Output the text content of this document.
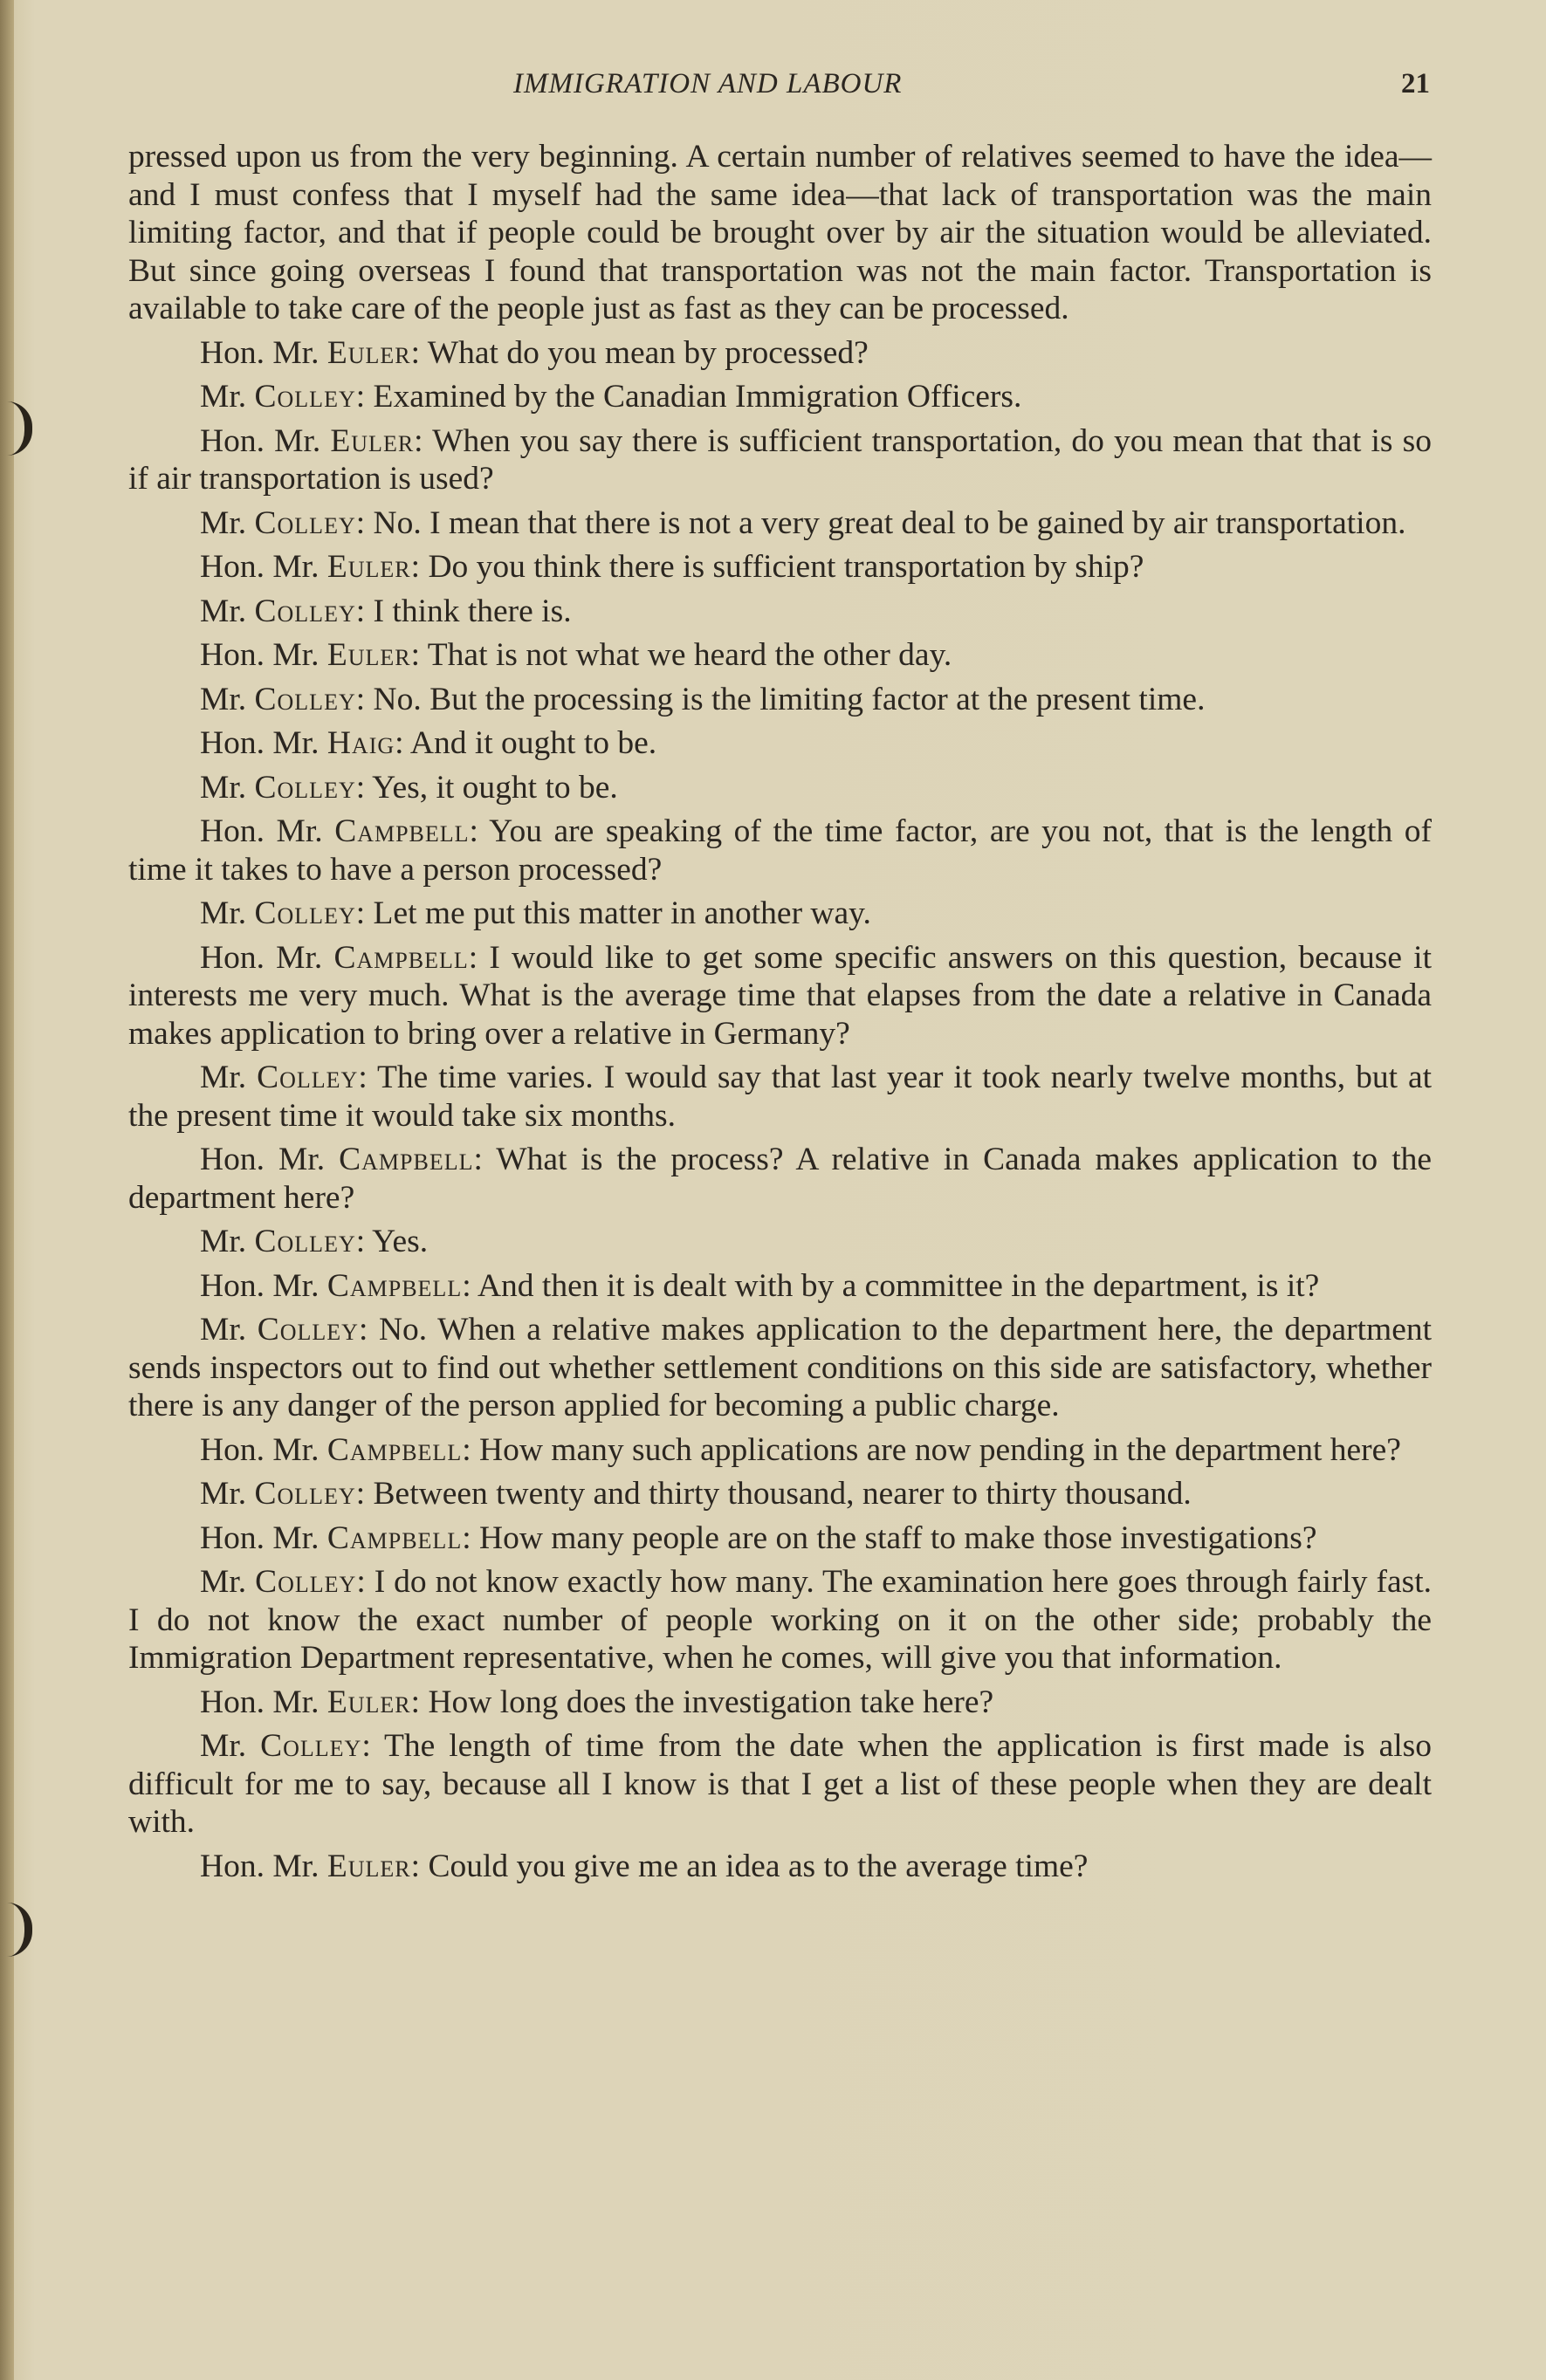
IMMIGRATION AND LABOUR	21

pressed upon us from the very beginning. A certain number of relatives seemed to have the idea—and I must confess that I myself had the same idea—that lack of transportation was the main limiting factor, and that if people could be brought over by air the situation would be alleviated. But since going overseas I found that transportation was not the main factor. Transportation is available to take care of the people just as fast as they can be processed.

Hon. Mr. Euler: What do you mean by processed?

Mr. Colley: Examined by the Canadian Immigration Officers.

Hon. Mr. Euler: When you say there is sufficient transportation, do you mean that that is so if air transportation is used?

Mr. Colley: No. I mean that there is not a very great deal to be gained by air transportation.

Hon. Mr. Euler: Do you think there is sufficient transportation by ship?

Mr. Colley: I think there is.

Hon. Mr. Euler: That is not what we heard the other day.

Mr. Colley: No. But the processing is the limiting factor at the present time.

Hon. Mr. Haig: And it ought to be.

Mr. Colley: Yes, it ought to be.

Hon. Mr. Campbell: You are speaking of the time factor, are you not, that is the length of time it takes to have a person processed?

Mr. Colley: Let me put this matter in another way.

Hon. Mr. Campbell: I would like to get some specific answers on this question, because it interests me very much. What is the average time that elapses from the date a relative in Canada makes application to bring over a relative in Germany?

Mr. Colley: The time varies. I would say that last year it took nearly twelve months, but at the present time it would take six months.

Hon. Mr. Campbell: What is the process? A relative in Canada makes application to the department here?

Mr. Colley: Yes.

Hon. Mr. Campbell: And then it is dealt with by a committee in the department, is it?

Mr. Colley: No. When a relative makes application to the department here, the department sends inspectors out to find out whether settlement conditions on this side are satisfactory, whether there is any danger of the person applied for becoming a public charge.

Hon. Mr. Campbell: How many such applications are now pending in the department here?

Mr. Colley: Between twenty and thirty thousand, nearer to thirty thousand.

Hon. Mr. Campbell: How many people are on the staff to make those investigations?

Mr. Colley: I do not know exactly how many. The examination here goes through fairly fast. I do not know the exact number of people working on it on the other side; probably the Immigration Department representative, when he comes, will give you that information.

Hon. Mr. Euler: How long does the investigation take here?

Mr. Colley: The length of time from the date when the application is first made is also difficult for me to say, because all I know is that I get a list of these people when they are dealt with.

Hon. Mr. Euler: Could you give me an idea as to the average time?
